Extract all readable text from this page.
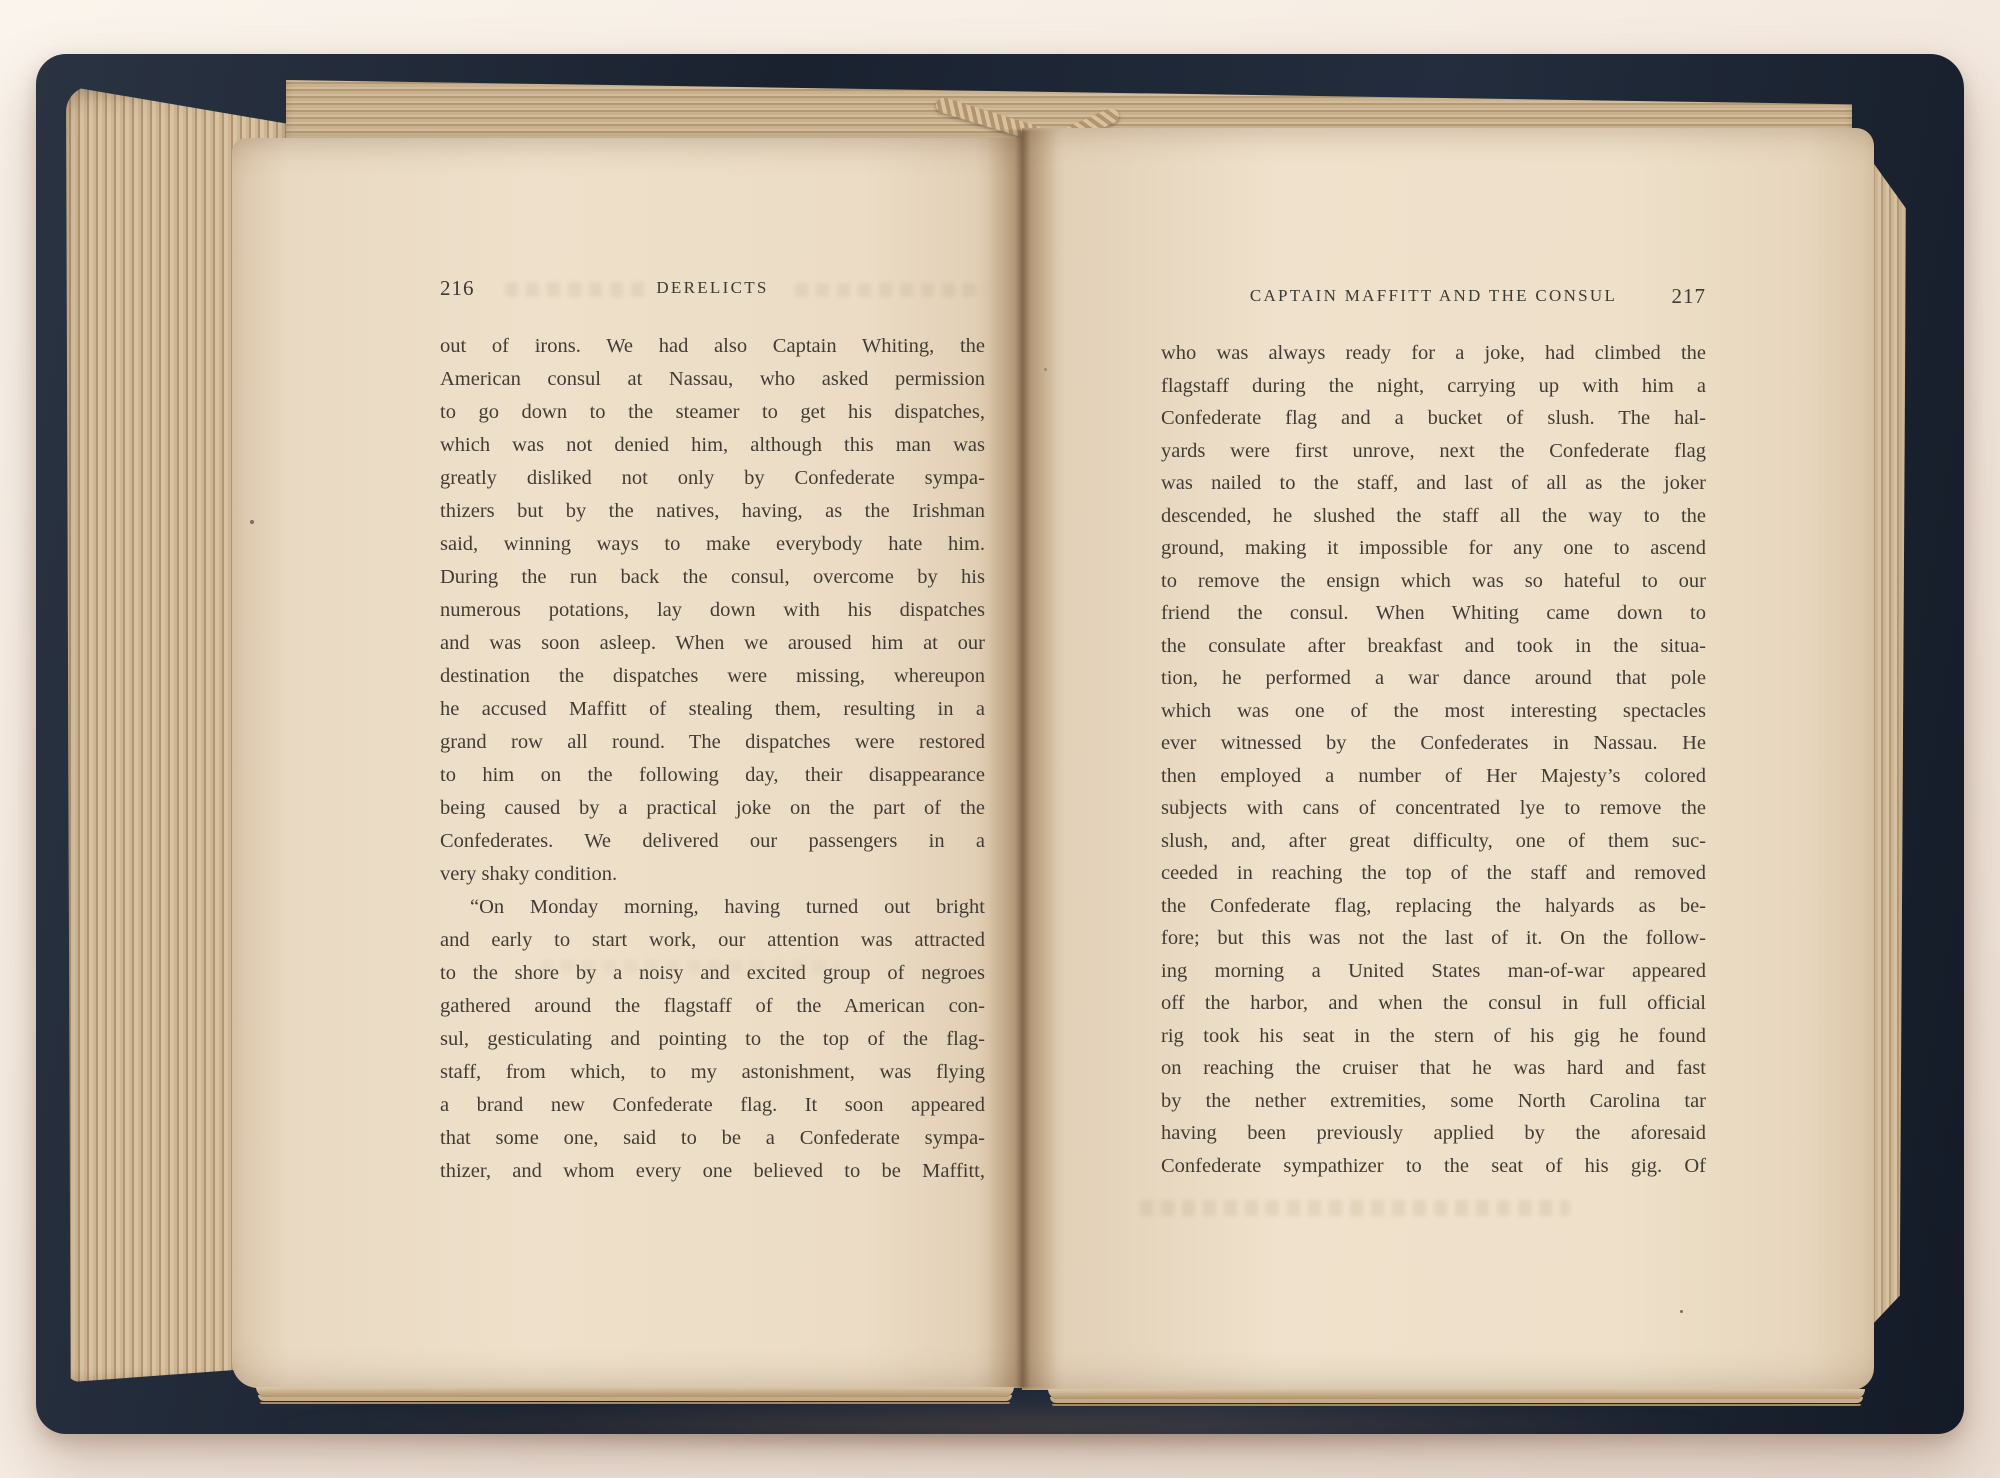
216	DERELICTS
out of irons. We had also Captain Whiting, the
American consul at Nassau, who asked permission
to go down to the steamer to get his dispatches,
which was not denied him, although this man was
greatly disliked not only by Confederate sympa-
thizers but by the natives, having, as the Irishman
said, winning ways to make everybody hate him.
During the run back the consul, overcome by his
numerous potations, lay down with his dispatches
and was soon asleep. When we aroused him at our
destination the dispatches were missing, whereupon
he accused Maffitt of stealing them, resulting in a
grand row all round. The dispatches were restored
to him on the following day, their disappearance
being caused by a practical joke on the part of the
Confederates. We delivered our passengers in a
very shaky condition.
“On Monday morning, having turned out bright
and early to start work, our attention was attracted
to the shore by a noisy and excited group of negroes
gathered around the flagstaff of the American con-
sul, gesticulating and pointing to the top of the flag-
staff, from which, to my astonishment, was flying
a brand new Confederate flag. It soon appeared
that some one, said to be a Confederate sympa-
thizer, and whom every one believed to be Maffitt,
CAPTAIN MAFFITT AND THE CONSUL	217
who was always ready for a joke, had climbed the
flagstaff during the night, carrying up with him a
Confederate flag and a bucket of slush. The hal-
yards were first unrove, next the Confederate flag
was nailed to the staff, and last of all as the joker
descended, he slushed the staff all the way to the
ground, making it impossible for any one to ascend
to remove the ensign which was so hateful to our
friend the consul. When Whiting came down to
the consulate after breakfast and took in the situa-
tion, he performed a war dance around that pole
which was one of the most interesting spectacles
ever witnessed by the Confederates in Nassau. He
then employed a number of Her Majesty’s colored
subjects with cans of concentrated lye to remove the
slush, and, after great difficulty, one of them suc-
ceeded in reaching the top of the staff and removed
the Confederate flag, replacing the halyards as be-
fore; but this was not the last of it. On the follow-
ing morning a United States man-of-war appeared
off the harbor, and when the consul in full official
rig took his seat in the stern of his gig he found
on reaching the cruiser that he was hard and fast
by the nether extremities, some North Carolina tar
having been previously applied by the aforesaid
Confederate sympathizer to the seat of his gig. Of
